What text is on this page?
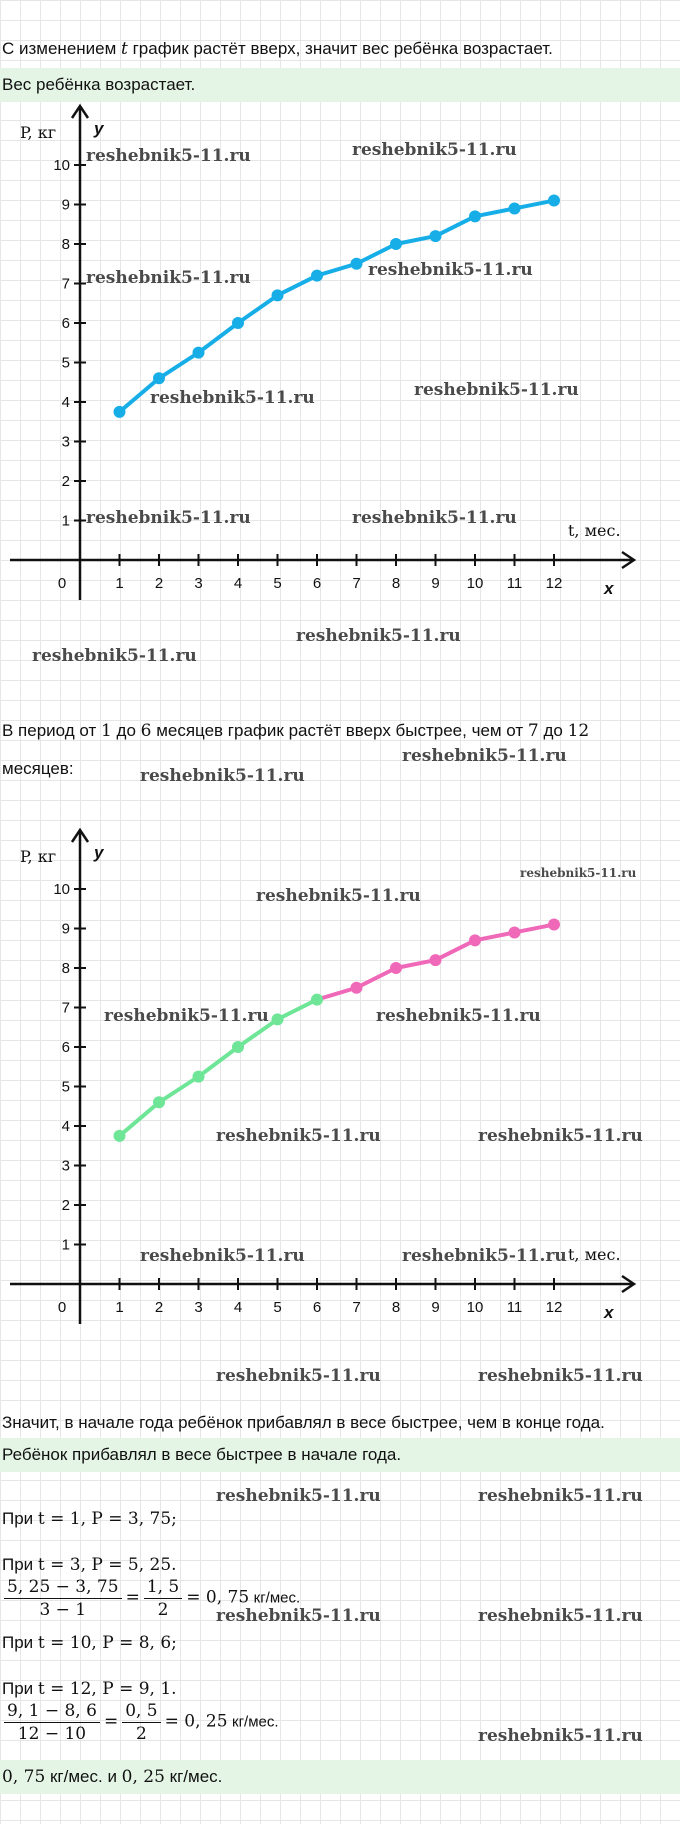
С изменением t график растёт вверх, значит вес ребёнка возрастает.
Вес ребёнка возрастает.
1 2 3 4 5 6 7 8 9 10 11 12
1
2
3
4
5
6
7
8
9
10
0
y
x
P, кг
t, мес.
В период от 1 до 6 месяцев график растёт вверх быстрее, чем от 7 до 12
месяцев:
1 2 3 4 5 6 7 8 9 10 11 12
1
2
3
4
5
6
7
8
9
10
0
y
x
P, кг
t, мес.
Значит, в начале года ребёнок прибавлял в весе быстрее, чем в конце года.
Ребёнок прибавлял в весе быстрее в начале года.
При t = 1, P = 3, 75;
При t = 3, P = 5, 25.
$\frac{5, 25 - 3, 75}{3 - 1} = \frac{1, 5}{2} = 0$, 75 кг/мес.
При t = 10, P = 8, 6;
При t = 12, P = 9, 1.
$\frac{9, 1 - 8, 6}{12 - 10} = \frac{0, 5}{2} = 0$, 25 кг/мес.
0, 75 кг/мес. и 0, 25 кг/мес.
reshebnik5-11.ru	reshebnik5-11.ru
reshebnik5-11.ru	reshebnik5-11.ru
reshebnik5-11.ru	reshebnik5-11.ru
reshebnik5-11.ru	reshebnik5-11.ru
reshebnik5-11.ru
reshebnik5-11.ru
reshebnik5-11.ru
reshebnik5-11.ru
reshebnik5-11.ru
reshebnik5-11.ru
reshebnik5-11.ru	reshebnik5-11.ru
reshebnik5-11.ru	reshebnik5-11.ru
reshebnik5-11.ru	reshebnik5-11.ru
reshebnik5-11.ru	reshebnik5-11.ru
reshebnik5-11.ru	reshebnik5-11.ru
reshebnik5-11.ru	reshebnik5-11.ru
reshebnik5-11.ru
